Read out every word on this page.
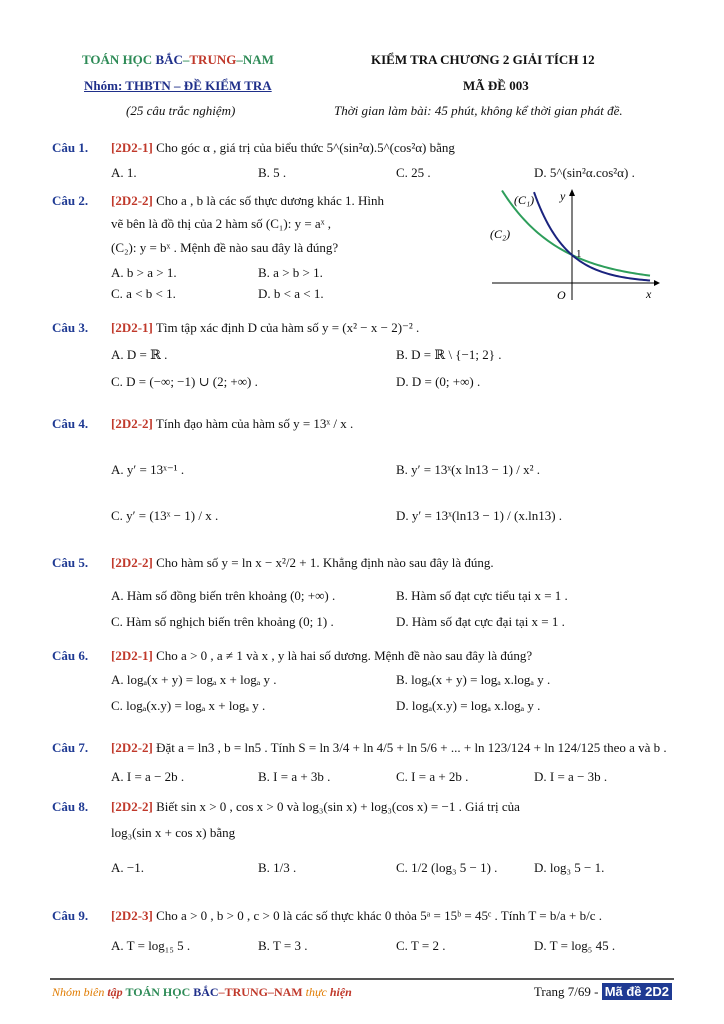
TOÁN HỌC BẮC–TRUNG–NAM
Nhóm: THBTN – ĐỀ KIỂM TRA
(25 câu trắc nghiệm)
KIỂM TRA CHƯƠNG 2 GIẢI TÍCH 12
MÃ ĐỀ 003
Thời gian làm bài: 45 phút, không kể thời gian phát đề.
Câu 1. [2D2-1] Cho góc α , giá trị của biểu thức 5^(sin²α).5^(cos²α) bằng
A. 1.	B. 5 .	C. 25 .	D. 5^(sin²α.cos²α) .
Câu 2. [2D2-2] Cho a , b là các số thực dương khác 1. Hình
vẽ bên là đồ thị của 2 hàm số (C₁): y = aˣ ,
(C₂): y = bˣ . Mệnh đề nào sau đây là đúng?
A. b > a > 1.	B. a > b > 1.
C. a < b < 1.	D. b < a < 1.
(C₁)
(C₂)
y
x
O
1
Câu 3. [2D2-1] Tìm tập xác định D của hàm số y = (x² − x − 2)⁻² .
A. D = ℝ .	B. D = ℝ \ {−1; 2} .
C. D = (−∞; −1) ∪ (2; +∞) .	D. D = (0; +∞) .
Câu 4. [2D2-2] Tính đạo hàm của hàm số y = 13ˣ / x .
A. y′ = 13ˣ⁻¹ .	B. y′ = 13ˣ(x ln13 − 1) / x² .
C. y′ = (13ˣ − 1) / x .	D. y′ = 13ˣ(ln13 − 1) / (x.ln13) .
Câu 5. [2D2-2] Cho hàm số y = ln x − x²/2 + 1. Khẳng định nào sau đây là đúng.
A. Hàm số đồng biến trên khoảng (0; +∞) .	B. Hàm số đạt cực tiểu tại x = 1 .
C. Hàm số nghịch biến trên khoảng (0; 1) .	D. Hàm số đạt cực đại tại x = 1 .
Câu 6. [2D2-1] Cho a > 0 , a ≠ 1 và x , y là hai số dương. Mệnh đề nào sau đây là đúng?
A. logₐ(x + y) = logₐ x + logₐ y .	B. logₐ(x + y) = logₐ x.logₐ y .
C. logₐ(x.y) = logₐ x + logₐ y .	D. logₐ(x.y) = logₐ x.logₐ y .
Câu 7. [2D2-2] Đặt a = ln3 , b = ln5 . Tính S = ln 3/4 + ln 4/5 + ln 5/6 + ... + ln 123/124 + ln 124/125 theo a và b .
A. I = a − 2b .	B. I = a + 3b .	C. I = a + 2b .	D. I = a − 3b .
Câu 8. [2D2-2] Biết sin x > 0 , cos x > 0 và log₃(sin x) + log₃(cos x) = −1 . Giá trị của
log₃(sin x + cos x) bằng
A. −1.	B. 1/3 .	C. 1/2 (log₃ 5 − 1) .	D. log₃ 5 − 1.
Câu 9. [2D2-3] Cho a > 0 , b > 0 , c > 0 là các số thực khác 0 thỏa 5ᵃ = 15ᵇ = 45ᶜ . Tính T = b/a + b/c .
A. T = log₁₅ 5 .	B. T = 3 .	C. T = 2 .	D. T = log₅ 45 .
Nhóm biên tập TOÁN HỌC BẮC–TRUNG–NAM thực hiện	Trang 7/69 - Mã đề 2D2
